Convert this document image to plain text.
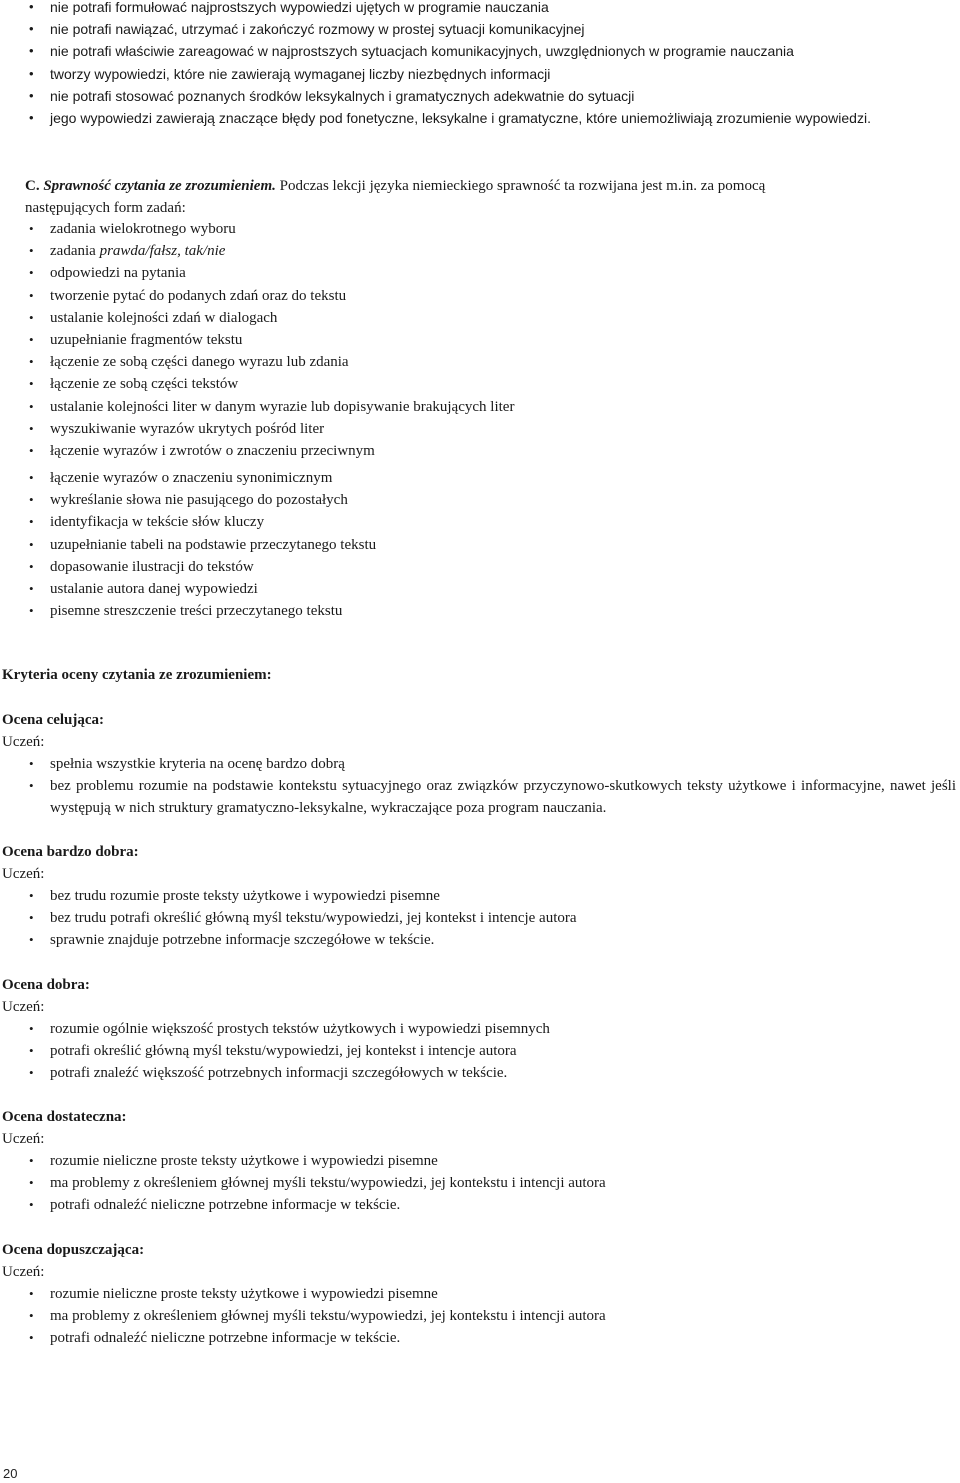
• nie potrafi formułować najprostszych wypowiedzi ujętych w programie nauczania
• nie potrafi nawiązać, utrzymać i zakończyć rozmowy w prostej sytuacji komunikacyjnej
• nie potrafi właściwie zareagować w najprostszych sytuacjach komunikacyjnych, uwzględnionych w programie nauczania
• tworzy wypowiedzi, które nie zawierają wymaganej liczby niezbędnych informacji
• nie potrafi stosować poznanych środków leksykalnych i gramatycznych adekwatnie do sytuacji
• jego wypowiedzi zawierają znaczące błędy pod fonetyczne, leksykalne i gramatyczne, które uniemożliwiają zrozumienie wypowiedzi.
C. Sprawność czytania ze zrozumieniem. Podczas lekcji języka niemieckiego sprawność ta rozwijana jest m.in. za pomocą
następujących form zadań:
• zadania wielokrotnego wyboru
• zadania prawda/fałsz, tak/nie
• odpowiedzi na pytania
• tworzenie pytać do podanych zdań oraz do tekstu
• ustalanie kolejności zdań w dialogach
• uzupełnianie fragmentów tekstu
• łączenie ze sobą części danego wyrazu lub zdania
• łączenie ze sobą części tekstów
• ustalanie kolejności liter w danym wyrazie lub dopisywanie brakujących liter
• wyszukiwanie wyrazów ukrytych pośród liter
• łączenie wyrazów i zwrotów o znaczeniu przeciwnym
• łączenie wyrazów o znaczeniu synonimicznym
• wykreślanie słowa nie pasującego do pozostałych
• identyfikacja w tekście słów kluczy
• uzupełnianie tabeli na podstawie przeczytanego tekstu
• dopasowanie ilustracji do tekstów
• ustalanie autora danej wypowiedzi
• pisemne streszczenie treści przeczytanego tekstu
Kryteria oceny czytania ze zrozumieniem:
Ocena celująca:
Uczeń:
• spełnia wszystkie kryteria na ocenę bardzo dobrą
• bez problemu rozumie na podstawie kontekstu sytuacyjnego oraz związków przyczynowo-skutkowych teksty użytkowe i informacyjne, nawet jeśli występują w nich struktury gramatyczno-leksykalne, wykraczające poza program nauczania.
Ocena bardzo dobra:
Uczeń:
• bez trudu rozumie proste teksty użytkowe i wypowiedzi pisemne
• bez trudu potrafi określić główną myśl tekstu/wypowiedzi, jej kontekst i intencje autora
• sprawnie znajduje potrzebne informacje szczegółowe w tekście.
Ocena dobra:
Uczeń:
• rozumie ogólnie większość prostych tekstów użytkowych i wypowiedzi pisemnych
• potrafi określić główną myśl tekstu/wypowiedzi, jej kontekst i intencje autora
• potrafi znaleźć większość potrzebnych informacji szczegółowych w tekście.
Ocena dostateczna:
Uczeń:
• rozumie nieliczne proste teksty użytkowe i wypowiedzi pisemne
• ma problemy z określeniem głównej myśli tekstu/wypowiedzi, jej kontekstu i intencji autora
• potrafi odnaleźć nieliczne potrzebne informacje w tekście.
Ocena dopuszczająca:
Uczeń:
• rozumie nieliczne proste teksty użytkowe i wypowiedzi pisemne
• ma problemy z określeniem głównej myśli tekstu/wypowiedzi, jej kontekstu i intencji autora
• potrafi odnaleźć nieliczne potrzebne informacje w tekście.
20
